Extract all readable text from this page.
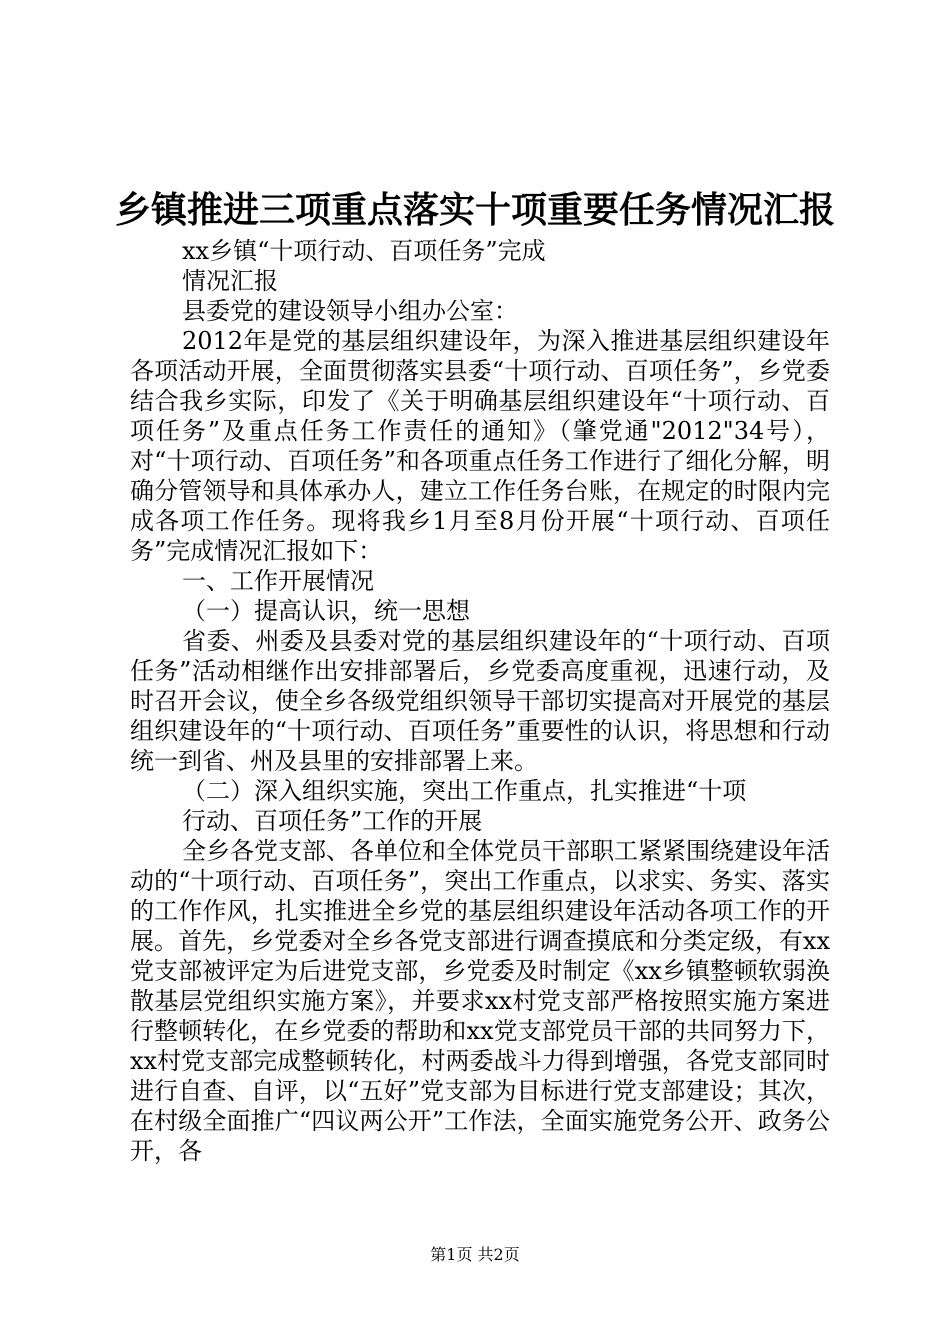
乡镇推进三项重点落实十项重要任务情况汇报

xx乡镇“十项行动、百项任务”完成

情况汇报

县委党的建设领导小组办公室：

2012年是党的基层组织建设年，为深入推进基层组织建设年各项活动开展，全面贯彻落实县委“十项行动、百项任务”，乡党委结合我乡实际，印发了《关于明确基层组织建设年“十项行动、百项任务”及重点任务工作责任的通知》（肇党通"2012"34号），对“十项行动、百项任务”和各项重点任务工作进行了细化分解，明确分管领导和具体承办人，建立工作任务台账，在规定的时限内完成各项工作任务。现将我乡1月至8月份开展“十项行动、百项任务”完成情况汇报如下：

一、工作开展情况

（一）提高认识，统一思想

省委、州委及县委对党的基层组织建设年的“十项行动、百项任务”活动相继作出安排部署后，乡党委高度重视，迅速行动，及时召开会议，使全乡各级党组织领导干部切实提高对开展党的基层组织建设年的“十项行动、百项任务”重要性的认识，将思想和行动统一到省、州及县里的安排部署上来。

（二）深入组织实施，突出工作重点，扎实推进“十项

行动、百项任务”工作的开展

全乡各党支部、各单位和全体党员干部职工紧紧围绕建设年活动的“十项行动、百项任务”，突出工作重点，以求实、务实、落实的工作作风，扎实推进全乡党的基层组织建设年活动各项工作的开展。首先，乡党委对全乡各党支部进行调查摸底和分类定级，有xx党支部被评定为后进党支部，乡党委及时制定《xx乡镇整顿软弱涣散基层党组织实施方案》，并要求xx村党支部严格按照实施方案进行整顿转化，在乡党委的帮助和xx党支部党员干部的共同努力下，xx村党支部完成整顿转化，村两委战斗力得到增强，各党支部同时进行自查、自评，以“五好”党支部为目标进行党支部建设；其次，在村级全面推广“四议两公开”工作法，全面实施党务公开、政务公开，各

第1页 共2页
